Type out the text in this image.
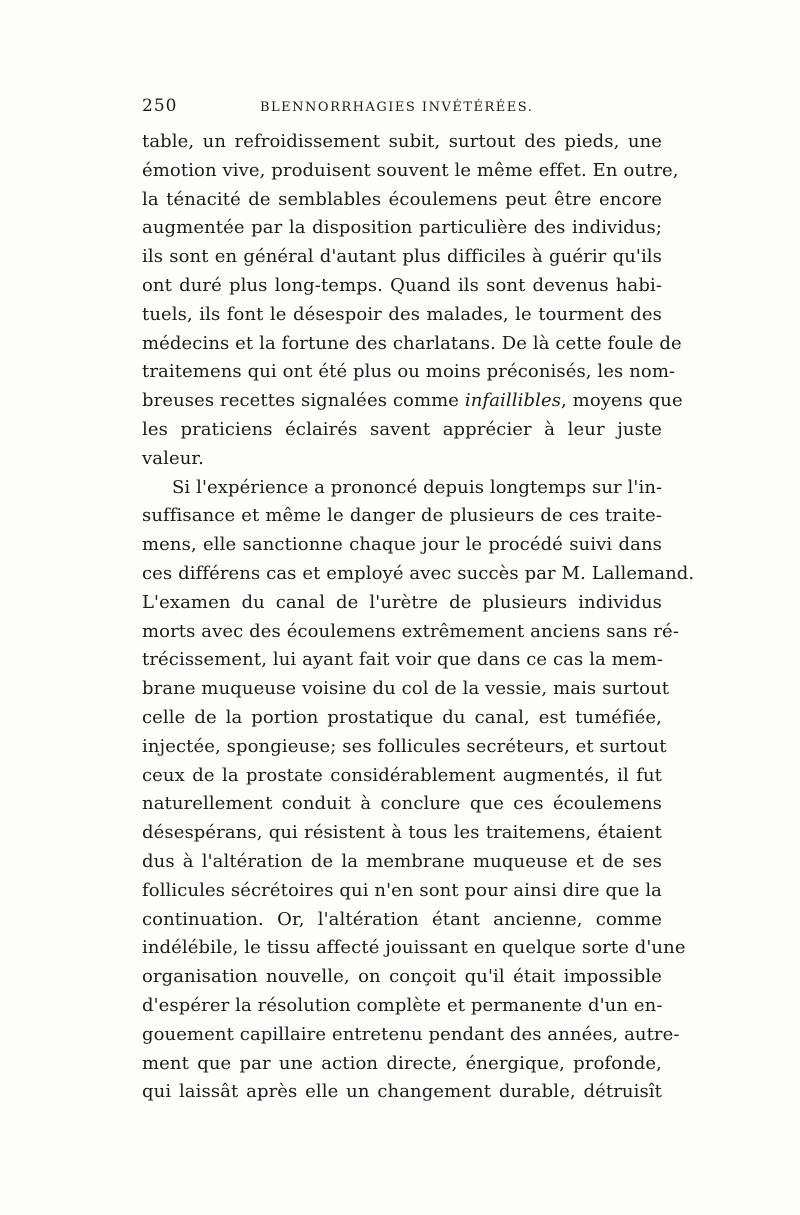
250	BLENNORRHAGIES INVÉTÉRÉES.
table, un refroidissement subit, surtout des pieds, une
émotion vive, produisent souvent le même effet. En outre,
la ténacité de semblables écoulemens peut être encore
augmentée par la disposition particulière des individus;
ils sont en général d'autant plus difficiles à guérir qu'ils
ont duré plus long-temps. Quand ils sont devenus habi-
tuels, ils font le désespoir des malades, le tourment des
médecins et la fortune des charlatans. De là cette foule de
traitemens qui ont été plus ou moins préconisés, les nom-
breuses recettes signalées comme infaillibles, moyens que
les praticiens éclairés savent apprécier à leur juste
valeur.
Si l'expérience a prononcé depuis longtemps sur l'in-
suffisance et même le danger de plusieurs de ces traite-
mens, elle sanctionne chaque jour le procédé suivi dans
ces différens cas et employé avec succès par M. Lallemand.
L'examen du canal de l'urètre de plusieurs individus
morts avec des écoulemens extrêmement anciens sans ré-
trécissement, lui ayant fait voir que dans ce cas la mem-
brane muqueuse voisine du col de la vessie, mais surtout
celle de la portion prostatique du canal, est tuméfiée,
injectée, spongieuse; ses follicules secréteurs, et surtout
ceux de la prostate considérablement augmentés, il fut
naturellement conduit à conclure que ces écoulemens
désespérans, qui résistent à tous les traitemens, étaient
dus à l'altération de la membrane muqueuse et de ses
follicules sécrétoires qui n'en sont pour ainsi dire que la
continuation. Or, l'altération étant ancienne, comme
indélébile, le tissu affecté jouissant en quelque sorte d'une
organisation nouvelle, on conçoit qu'il était impossible
d'espérer la résolution complète et permanente d'un en-
gouement capillaire entretenu pendant des années, autre-
ment que par une action directe, énergique, profonde,
qui laissât après elle un changement durable, détruisît
